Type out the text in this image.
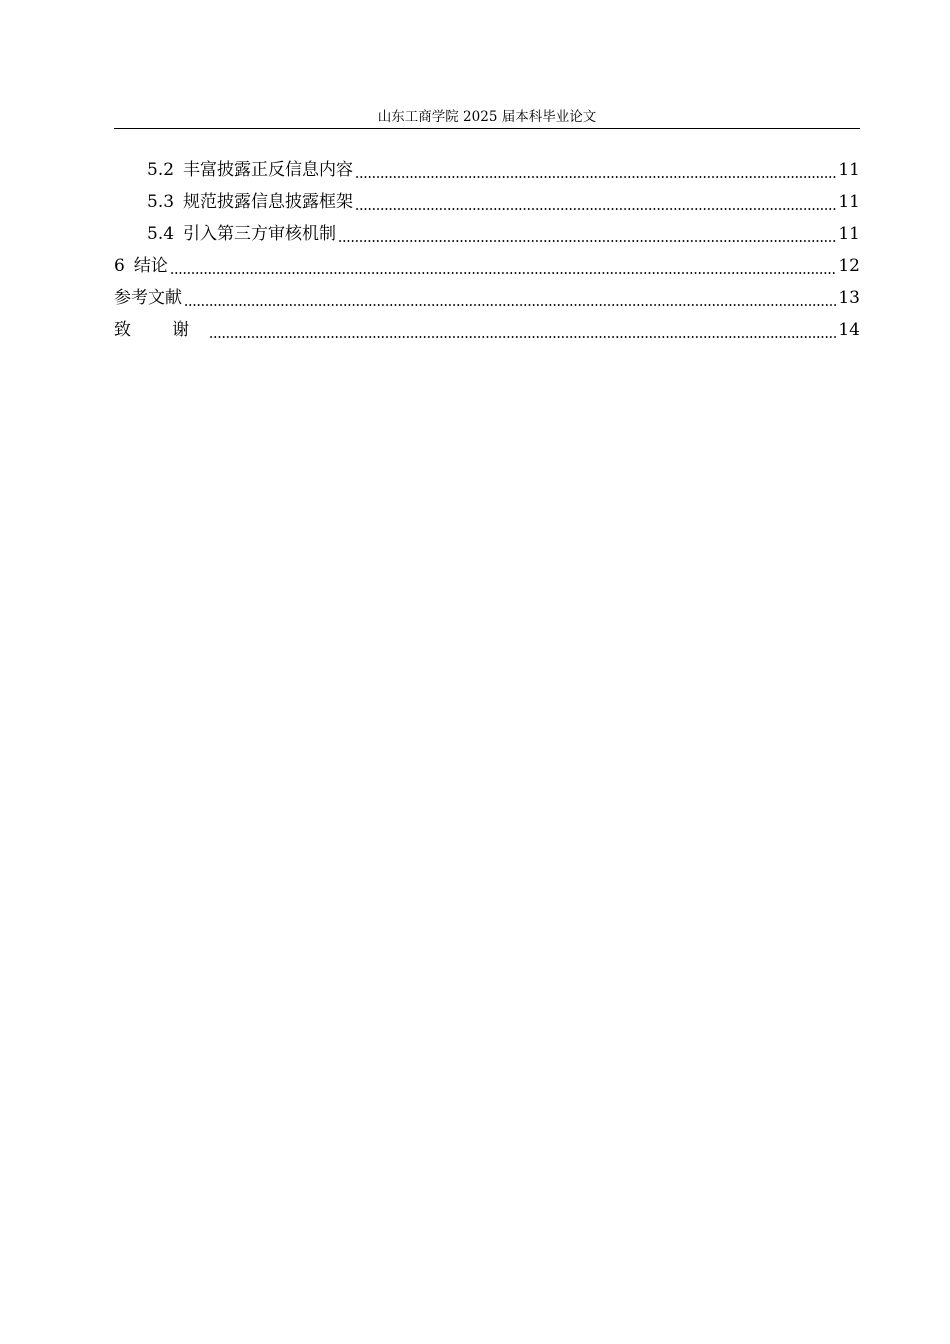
山东工商学院 2025 届本科毕业论文
5.2 丰富披露正反信息内容	11
5.3 规范披露信息披露框架	11
5.4 引入第三方审核机制	11
6 结论	12
参考文献	13
致 谢	14
